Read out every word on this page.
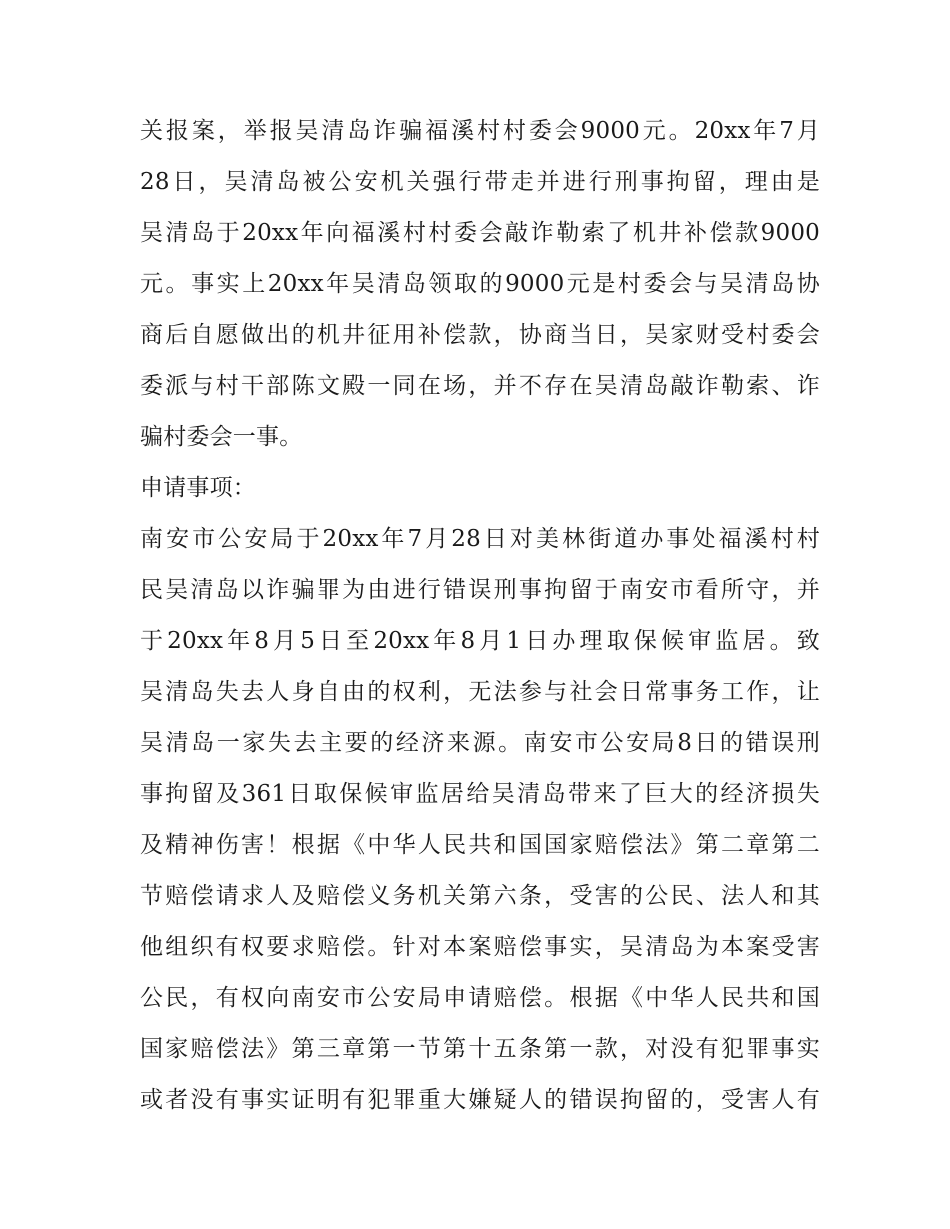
关报案，举报吴清岛诈骗福溪村村委会9000元。20xx年7月
28日，吴清岛被公安机关强行带走并进行刑事拘留，理由是
吴清岛于20xx年向福溪村村委会敲诈勒索了机井补偿款9000
元。事实上20xx年吴清岛领取的9000元是村委会与吴清岛协
商后自愿做出的机井征用补偿款，协商当日，吴家财受村委会
委派与村干部陈文殿一同在场，并不存在吴清岛敲诈勒索、诈
骗村委会一事。
申请事项：
南安市公安局于20xx年7月28日对美林街道办事处福溪村村
民吴清岛以诈骗罪为由进行错误刑事拘留于南安市看所守，并
于20xx年8月5日至20xx年8月1日办理取保候审监居。致
吴清岛失去人身自由的权利，无法参与社会日常事务工作，让
吴清岛一家失去主要的经济来源。南安市公安局8日的错误刑
事拘留及361日取保候审监居给吴清岛带来了巨大的经济损失
及精神伤害！根据《中华人民共和国国家赔偿法》第二章第二
节赔偿请求人及赔偿义务机关第六条，受害的公民、法人和其
他组织有权要求赔偿。针对本案赔偿事实，吴清岛为本案受害
公民，有权向南安市公安局申请赔偿。根据《中华人民共和国
国家赔偿法》第三章第一节第十五条第一款，对没有犯罪事实
或者没有事实证明有犯罪重大嫌疑人的错误拘留的，受害人有
